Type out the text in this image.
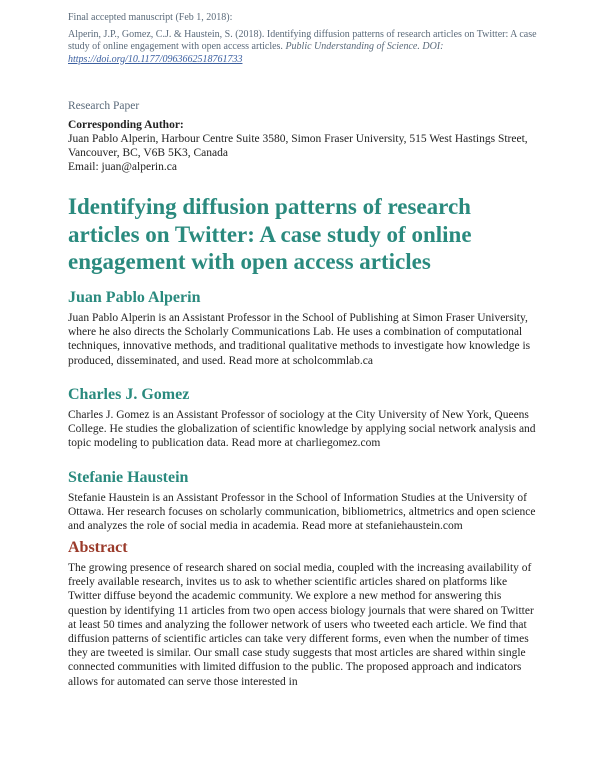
Final accepted manuscript (Feb 1, 2018):
Alperin, J.P., Gomez, C.J. & Haustein, S. (2018). Identifying diffusion patterns of research articles on Twitter: A case study of online engagement with open access articles. Public Understanding of Science. DOI: https://doi.org/10.1177/0963662518761733
Research Paper
Corresponding Author:
Juan Pablo Alperin, Harbour Centre Suite 3580, Simon Fraser University, 515 West Hastings Street, Vancouver, BC, V6B 5K3, Canada
Email: juan@alperin.ca
Identifying diffusion patterns of research articles on Twitter: A case study of online engagement with open access articles
Juan Pablo Alperin

Juan Pablo Alperin is an Assistant Professor in the School of Publishing at Simon Fraser University, where he also directs the Scholarly Communications Lab. He uses a combination of computational techniques, innovative methods, and traditional qualitative methods to investigate how knowledge is produced, disseminated, and used. Read more at scholcommlab.ca

Charles J. Gomez

Charles J. Gomez is an Assistant Professor of sociology at the City University of New York, Queens College. He studies the globalization of scientific knowledge by applying social network analysis and topic modeling to publication data. Read more at charliegomez.com

Stefanie Haustein

Stefanie Haustein is an Assistant Professor in the School of Information Studies at the University of Ottawa. Her research focuses on scholarly communication, bibliometrics, altmetrics and open science and analyzes the role of social media in academia. Read more at stefaniehaustein.com

Abstract

The growing presence of research shared on social media, coupled with the increasing availability of freely available research, invites us to ask to whether scientific articles shared on platforms like Twitter diffuse beyond the academic community. We explore a new method for answering this question by identifying 11 articles from two open access biology journals that were shared on Twitter at least 50 times and analyzing the follower network of users who tweeted each article. We find that diffusion patterns of scientific articles can take very different forms, even when the number of times they are tweeted is similar. Our small case study suggests that most articles are shared within single connected communities with limited diffusion to the public. The proposed approach and indicators allows for automated can serve those interested in
